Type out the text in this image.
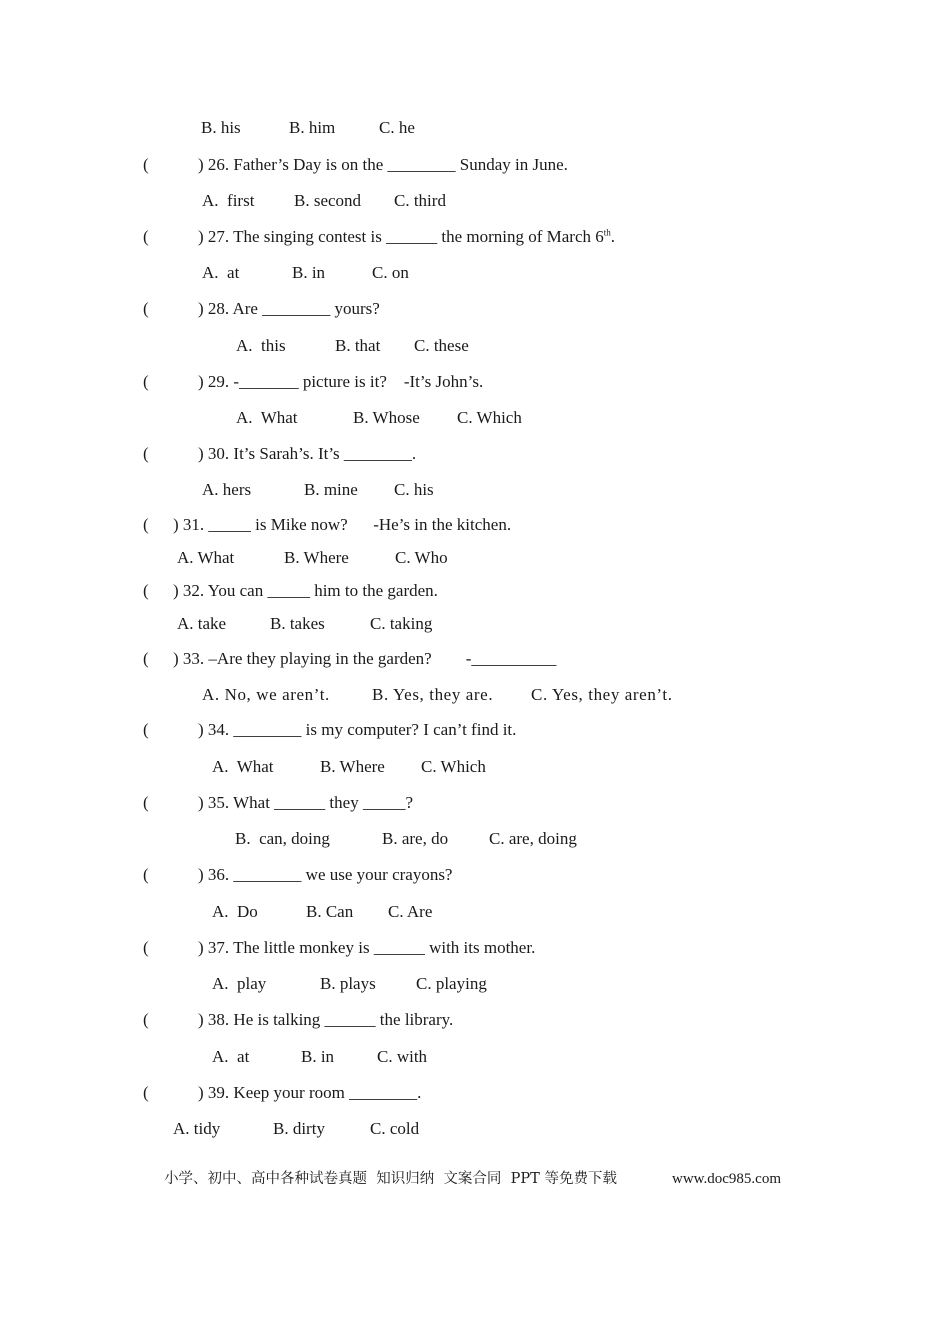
B. his	B. him	C. he
(	) 26. Father’s Day is on the ________ Sunday in June.
A.  first B. second C. third
(	) 27. The singing contest is ______ the morning of March 6th.
A.  at	B. in	C. on
(	) 28. Are ________ yours?
A.  this	B. that C. these
(	) 29. -_______ picture is it?    -It’s John’s.
A.  What	B. Whose C. Which
(	) 30. It’s Sarah’s. It’s ________.
A. hers	B. mine C. his
( ) 31. _____ is Mike now?      -He’s in the kitchen.
A. What	B. Where	C. Who
( ) 32. You can _____ him to the garden.
A. take	B. takes	C. taking
( ) 33. –Are they playing in the garden?        -__________
A. No, we aren’t. B. Yes, they are. C. Yes, they aren’t.
(	) 34. ________ is my computer? I can’t find it.
A.  What	B. Where C. Which
(	) 35. What ______ they _____?
B.  can, doing	B. are, do C. are, doing
(	) 36. ________ we use your crayons?
A.  Do	B. Can C. Are
(	) 37. The little monkey is ______ with its mother.
A.  play	B. plays C. playing
(	) 38. He is talking ______ the library.
A.  at	B. in	C. with
(	) 39. Keep your room ________.
A. tidy	B. dirty	C. cold
小学、初中、高中各种试卷真题  知识归纳  文案合同  PPT 等免费下载	www.doc985.com
